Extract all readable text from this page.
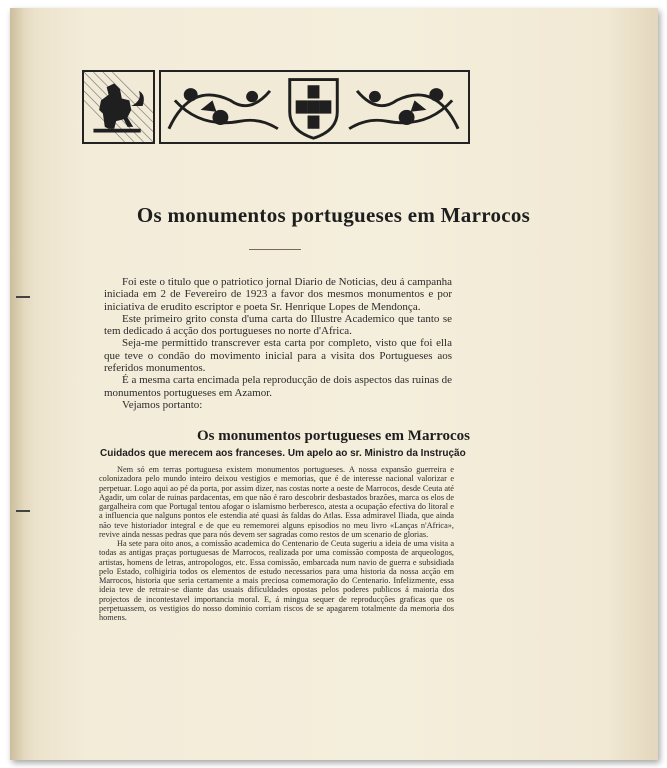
Os monumentos portugueses em Marrocos

Foi este o titulo que o patriotico jornal Diario de Noticias, deu á campanha iniciada em 2 de Fevereiro de 1923 a favor dos mesmos monumentos e por iniciativa de erudito escriptor e poeta Sr. Henrique Lopes de Mendonça.

Este primeiro grito consta d'uma carta do Illustre Academico que tanto se tem dedicado á acção dos portugueses no norte d'Africa.

Seja-me permittido transcrever esta carta por completo, visto que foi ella que teve o condão do movimento inicial para a visita dos Portugueses aos referidos monumentos.

É a mesma carta encimada pela reproducção de dois aspectos das ruinas de monumentos portugueses em Azamor.

Vejamos portanto:

Os monumentos portugueses em Marrocos
Cuidados que merecem aos franceses. Um apelo ao sr. Ministro da Instrução

Nem só em terras portuguesa existem monumentos portugueses. A nossa expansão guerreira e colonizadora pelo mundo inteiro deixou vestigios e memorias, que é de interesse nacional valorizar e perpetuar. Logo aqui ao pé da porta, por assim dizer, nas costas norte a oeste de Marrocos, desde Ceuta até Agadir, um colar de ruinas pardacentas, em que não é raro descobrir desbastados brazões, marca os elos de gargalheira com que Portugal tentou afogar o islamismo berberesco, atesta a ocupação efectiva do litoral e a influencia que nalguns pontos ele estendia até quasi ás faldas do Atlas. Essa admiravel Iliada, que ainda não teve historiador integral e de que eu rememorei alguns episodios no meu livro «Lanças n'Africa», revive ainda nessas pedras que para nós devem ser sagradas como restos de um scenario de glorias.

Ha sete para oito anos, a comissão academica do Centenario de Ceuta sugeriu a ideia de uma visita a todas as antigas praças portuguesas de Marrocos, realizada por uma comissão composta de arqueologos, artistas, homens de letras, antropologos, etc. Essa comissão, embarcada num navio de guerra e subsidiada pelo Estado, colhigiria todos os elementos de estudo necessarios para uma historia da nossa acção em Marrocos, historia que seria certamente a mais preciosa comemoração do Centenario. Infelizmente, essa ideia teve de retrair-se diante das usuais dificuldades opostas pelos poderes publicos á maioria dos projectos de incontestavel importancia moral. E, á mingua sequer de reproducções graficas que os perpetuassem, os vestigios do nosso dominio corriam riscos de se apagarem totalmente da memoria dos homens.
